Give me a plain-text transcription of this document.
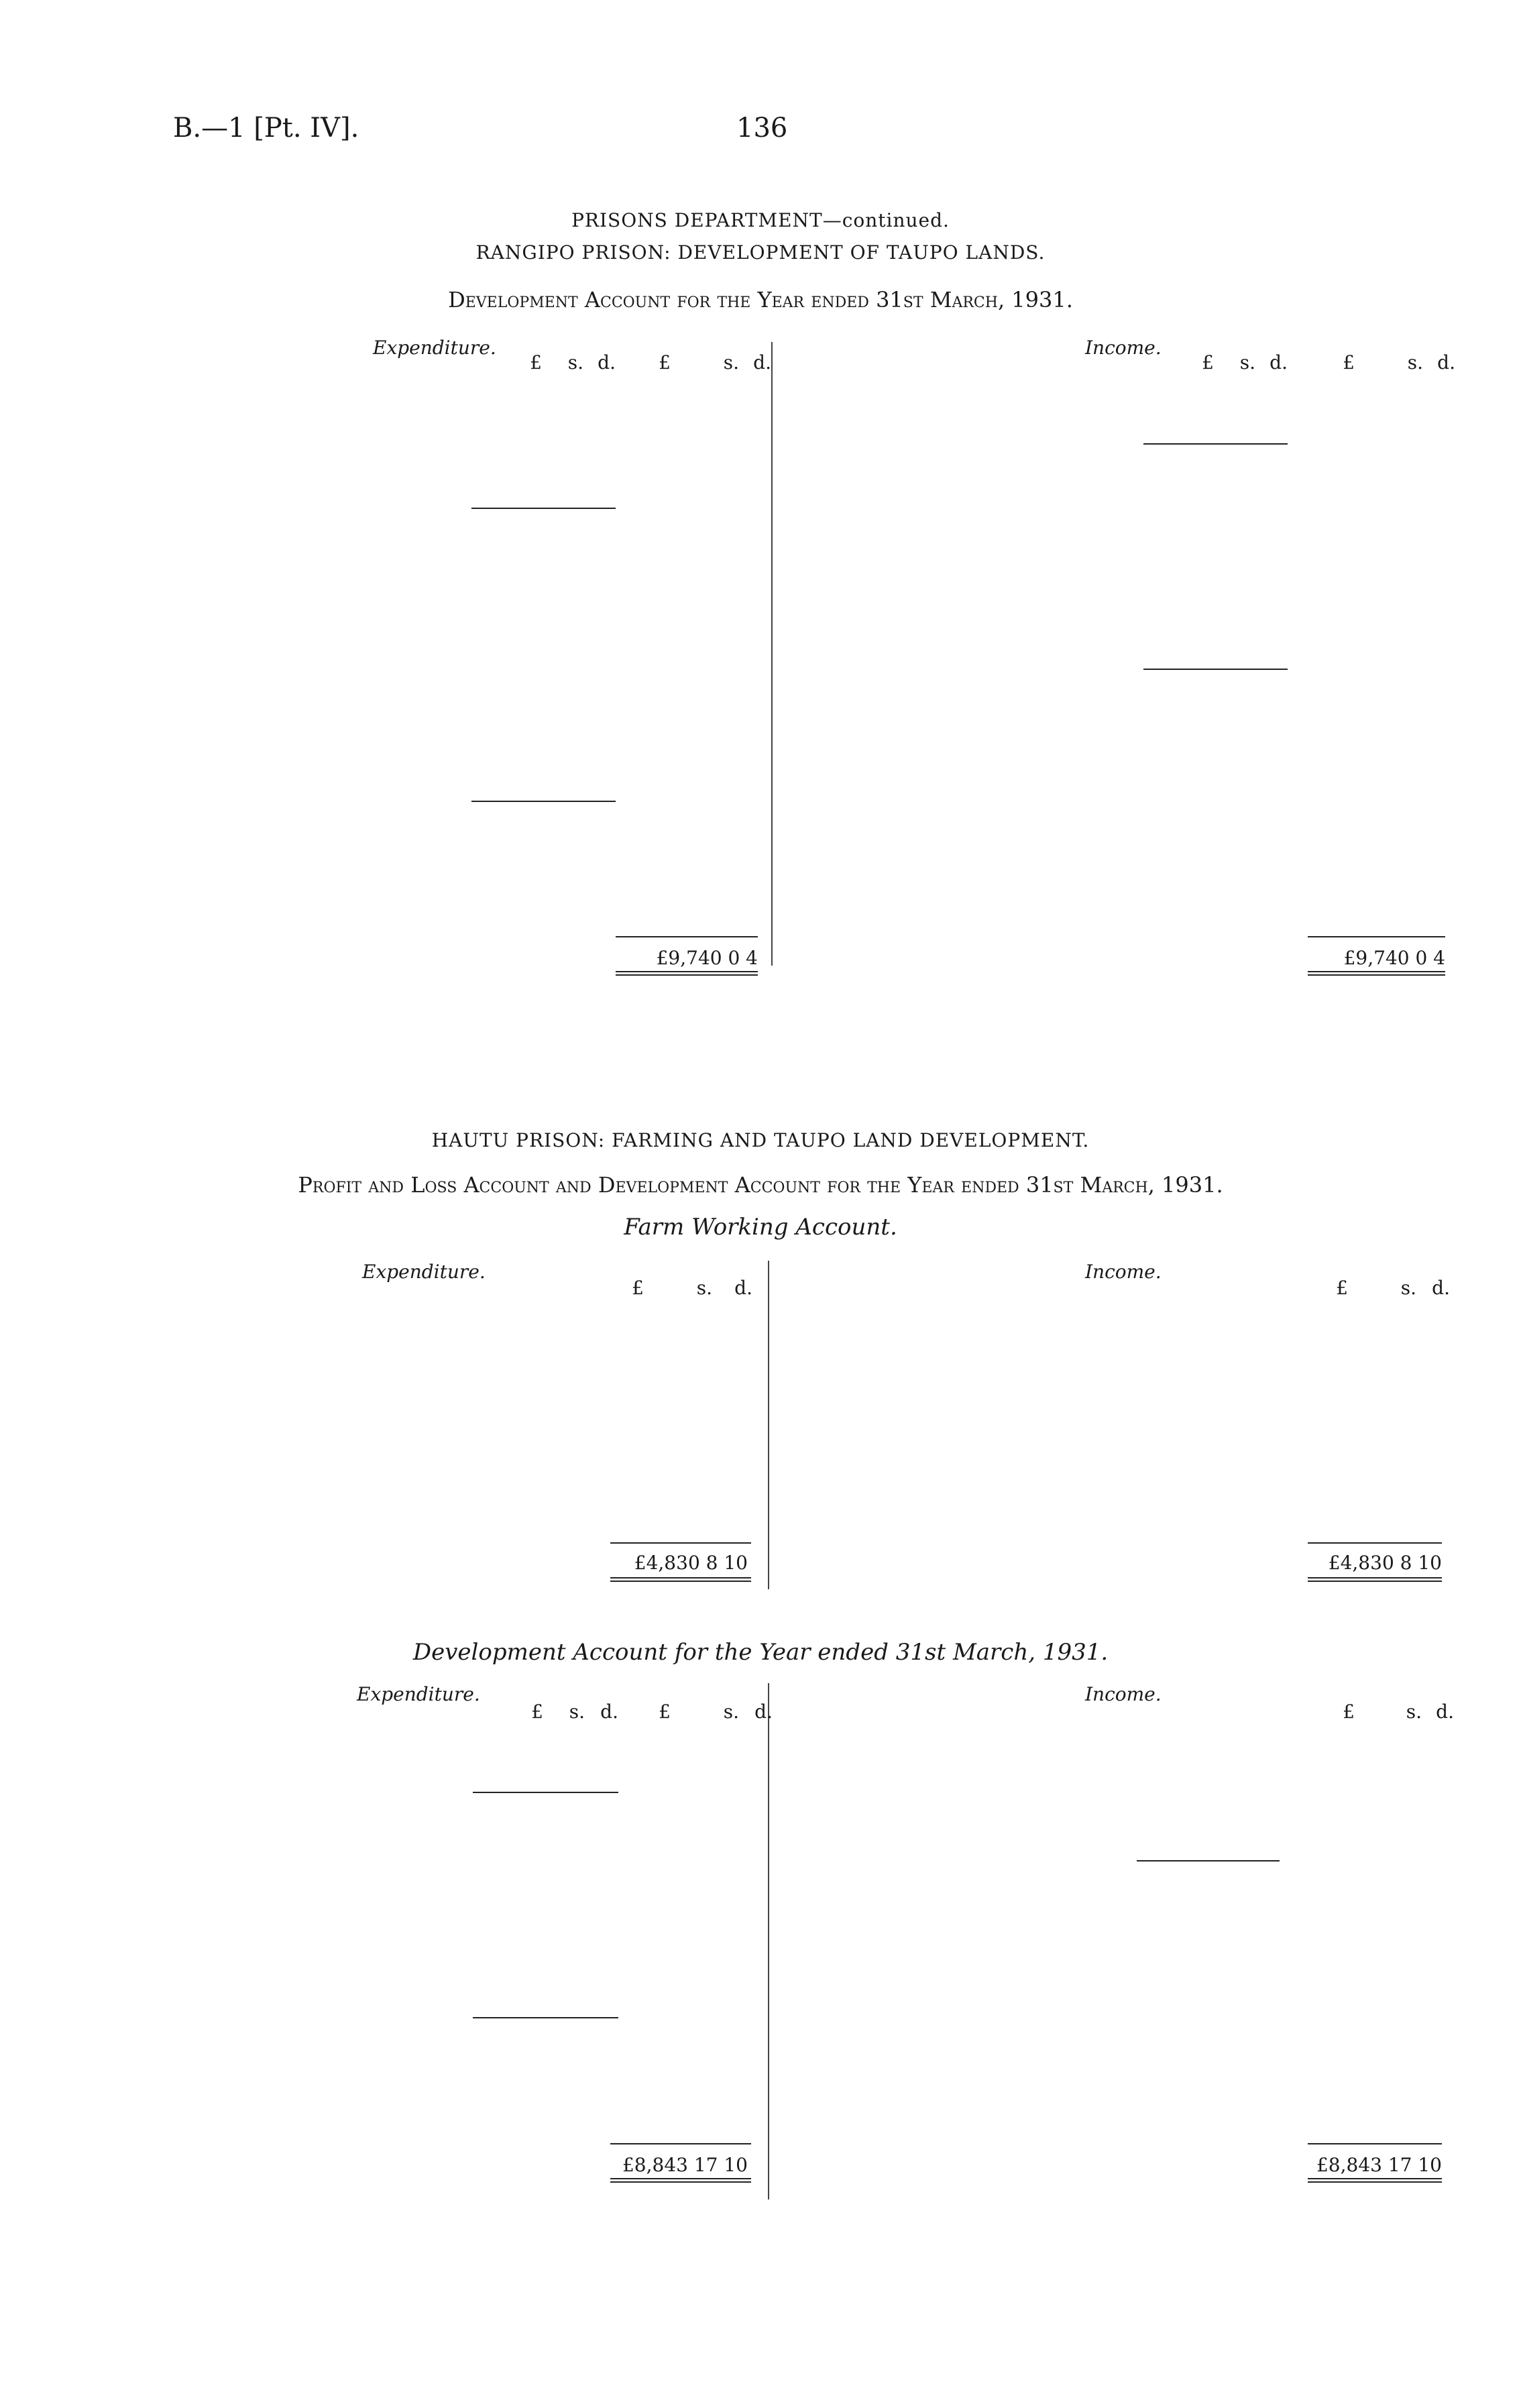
B.—1 [Pt. IV].	136
PRISONS DEPARTMENT—continued.
RANGIPO PRISON: DEVELOPMENT OF TAUPO LANDS.
Development Account for the Year ended 31st March, 1931.
Expenditure.	Income.
£	s. d.	£	s. d.	£	s. d.	£	s. d.
£9,740 0 4	£9,740 0 4
HAUTU PRISON: FARMING AND TAUPO LAND DEVELOPMENT.
Profit and Loss Account and Development Account for the Year ended 31st March, 1931.
Farm Working Account.
Expenditure.	Income.
£	s.	d.	£	s. d.
£4,830 8 10	£4,830 8 10
Development Account for the Year ended 31st March, 1931.
Expenditure.	Income.
£	s. d.	£	s. d.	£	s. d.
£8,843 17 10	£8,843 17 10
